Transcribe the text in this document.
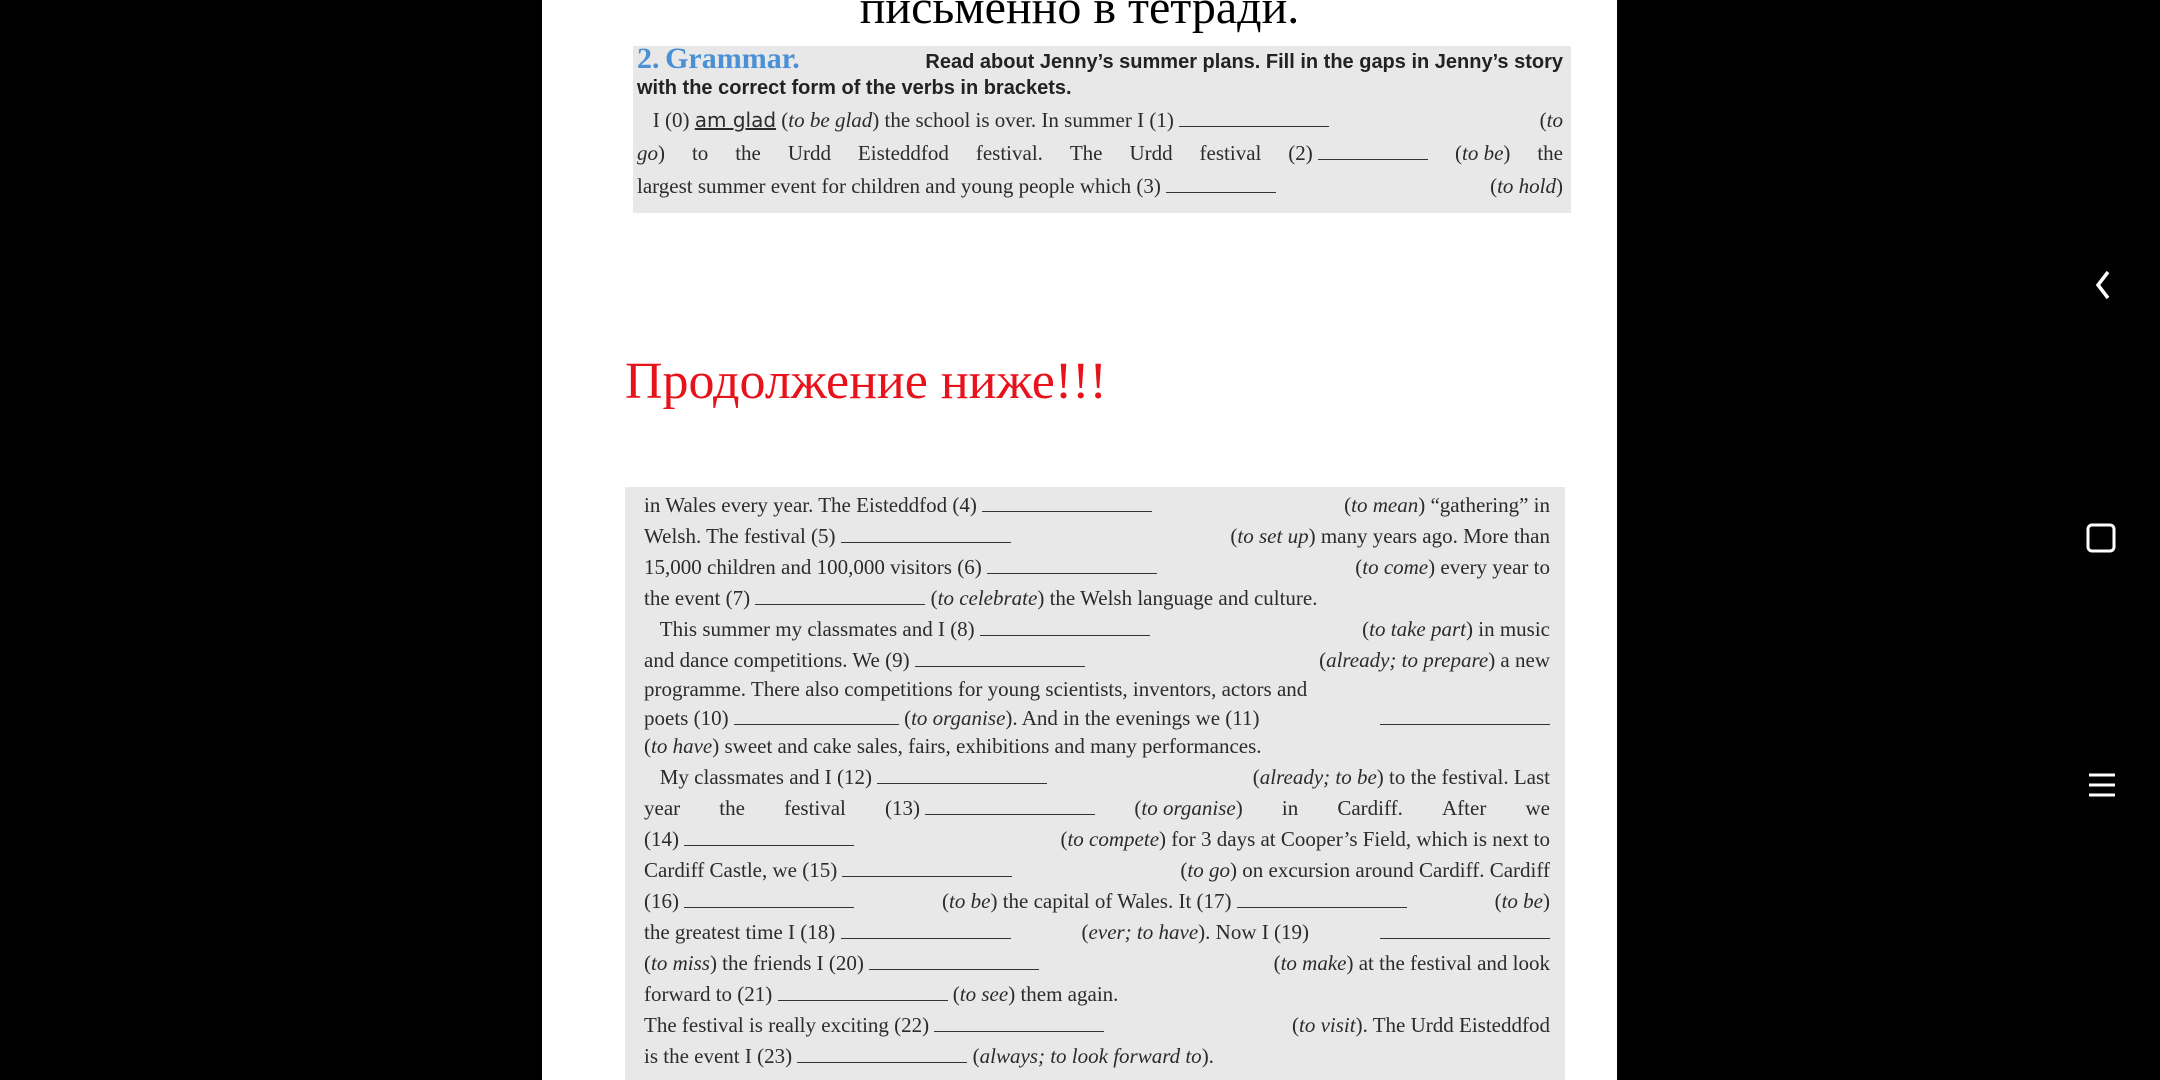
письменно в тетради.
2. Grammar.	Read about Jenny’s summer plans. Fill in the gaps in Jenny’s story
with the correct form of the verbs in brackets.
I (0) am glad (to be glad) the school is over. In summer I (1)	(to
go) to the Urdd Eisteddfod festival. The Urdd festival (2)	(to be) the
largest summer event for children and young people which (3)	(to hold)
Продолжение ниже!!!
in Wales every year. The Eisteddfod (4)	(to mean) “gathering” in
Welsh. The festival (5)	(to set up) many years ago. More than
15,000 children and 100,000 visitors (6)	(to come) every year to
the event (7)	(to celebrate) the Welsh language and culture.
This summer my classmates and I (8)	(to take part) in music
and dance competitions. We (9)	(already; to prepare) a new
programme. There also competitions for young scientists, inventors, actors and
poets (10)	(to organise). And in the evenings we (11)
(to have) sweet and cake sales, fairs, exhibitions and many performances.
My classmates and I (12)	(already; to be) to the festival. Last
year the festival (13)	(to organise) in Cardiff. After we
(14)	(to compete) for 3 days at Cooper’s Field, which is next to
Cardiff Castle, we (15)	(to go) on excursion around Cardiff. Cardiff
(16)	(to be) the capital of Wales. It (17)	(to be)
the greatest time I (18)	(ever; to have). Now I (19)
(to miss) the friends I (20)	(to make) at the festival and look
forward to (21)	(to see) them again.
The festival is really exciting (22)	(to visit). The Urdd Eisteddfod
is the event I (23)	(always; to look forward to).
